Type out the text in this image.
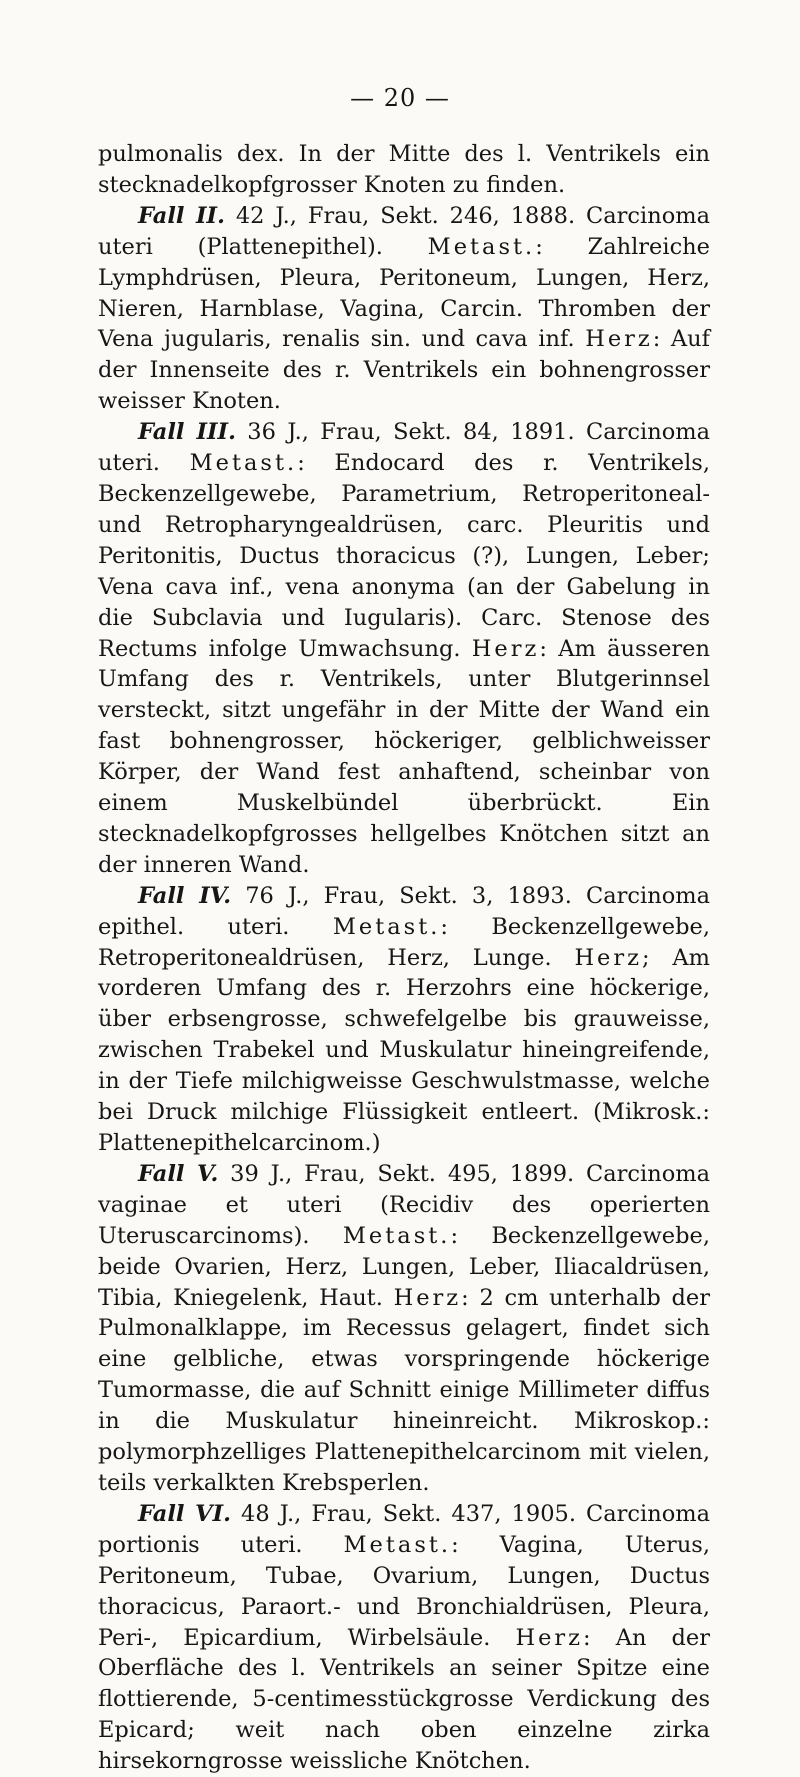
— 20 —

pulmonalis dex. In der Mitte des l. Ventrikels ein stecknadelkopfgrosser Knoten zu finden.

Fall II. 42 J., Frau, Sekt. 246, 1888. Carcinoma uteri (Plattenepithel). Metast.: Zahlreiche Lymphdrüsen, Pleura, Peritoneum, Lungen, Herz, Nieren, Harnblase, Vagina, Carcin. Thromben der Vena jugularis, renalis sin. und cava inf. Herz: Auf der Innenseite des r. Ventrikels ein bohnengrosser weisser Knoten.

Fall III. 36 J., Frau, Sekt. 84, 1891. Carcinoma uteri. Metast.: Endocard des r. Ventrikels, Beckenzellgewebe, Parametrium, Retroperitoneal- und Retropharyngealdrüsen, carc. Pleuritis und Peritonitis, Ductus thoracicus (?), Lungen, Leber; Vena cava inf., vena anonyma (an der Gabelung in die Subclavia und Iugularis). Carc. Stenose des Rectums infolge Umwachsung. Herz: Am äusseren Umfang des r. Ventrikels, unter Blutgerinnsel versteckt, sitzt ungefähr in der Mitte der Wand ein fast bohnengrosser, höckeriger, gelblichweisser Körper, der Wand fest anhaftend, scheinbar von einem Muskelbündel überbrückt. Ein stecknadelkopfgrosses hellgelbes Knötchen sitzt an der inneren Wand.

Fall IV. 76 J., Frau, Sekt. 3, 1893. Carcinoma epithel. uteri. Metast.: Beckenzellgewebe, Retroperitonealdrüsen, Herz, Lunge. Herz; Am vorderen Umfang des r. Herzohrs eine höckerige, über erbsengrosse, schwefelgelbe bis grauweisse, zwischen Trabekel und Muskulatur hineingreifende, in der Tiefe milchigweisse Geschwulstmasse, welche bei Druck milchige Flüssigkeit entleert. (Mikrosk.: Plattenepithelcarcinom.)

Fall V. 39 J., Frau, Sekt. 495, 1899. Carcinoma vaginae et uteri (Recidiv des operierten Uteruscarcinoms). Metast.: Beckenzellgewebe, beide Ovarien, Herz, Lungen, Leber, Iliacaldrüsen, Tibia, Kniegelenk, Haut. Herz: 2 cm unterhalb der Pulmonalklappe, im Recessus gelagert, findet sich eine gelbliche, etwas vorspringende höckerige Tumormasse, die auf Schnitt einige Millimeter diffus in die Muskulatur hineinreicht. Mikroskop.: polymorphzelliges Plattenepithelcarcinom mit vielen, teils verkalkten Krebsperlen.

Fall VI. 48 J., Frau, Sekt. 437, 1905. Carcinoma portionis uteri. Metast.: Vagina, Uterus, Peritoneum, Tubae, Ovarium, Lungen, Ductus thoracicus, Paraort.- und Bronchialdrüsen, Pleura, Peri-, Epicardium, Wirbelsäule. Herz: An der Oberfläche des l. Ventrikels an seiner Spitze eine flottierende, 5-centimesstückgrosse Verdickung des Epicard; weit nach oben einzelne zirka hirsekorngrosse weissliche Knötchen.
